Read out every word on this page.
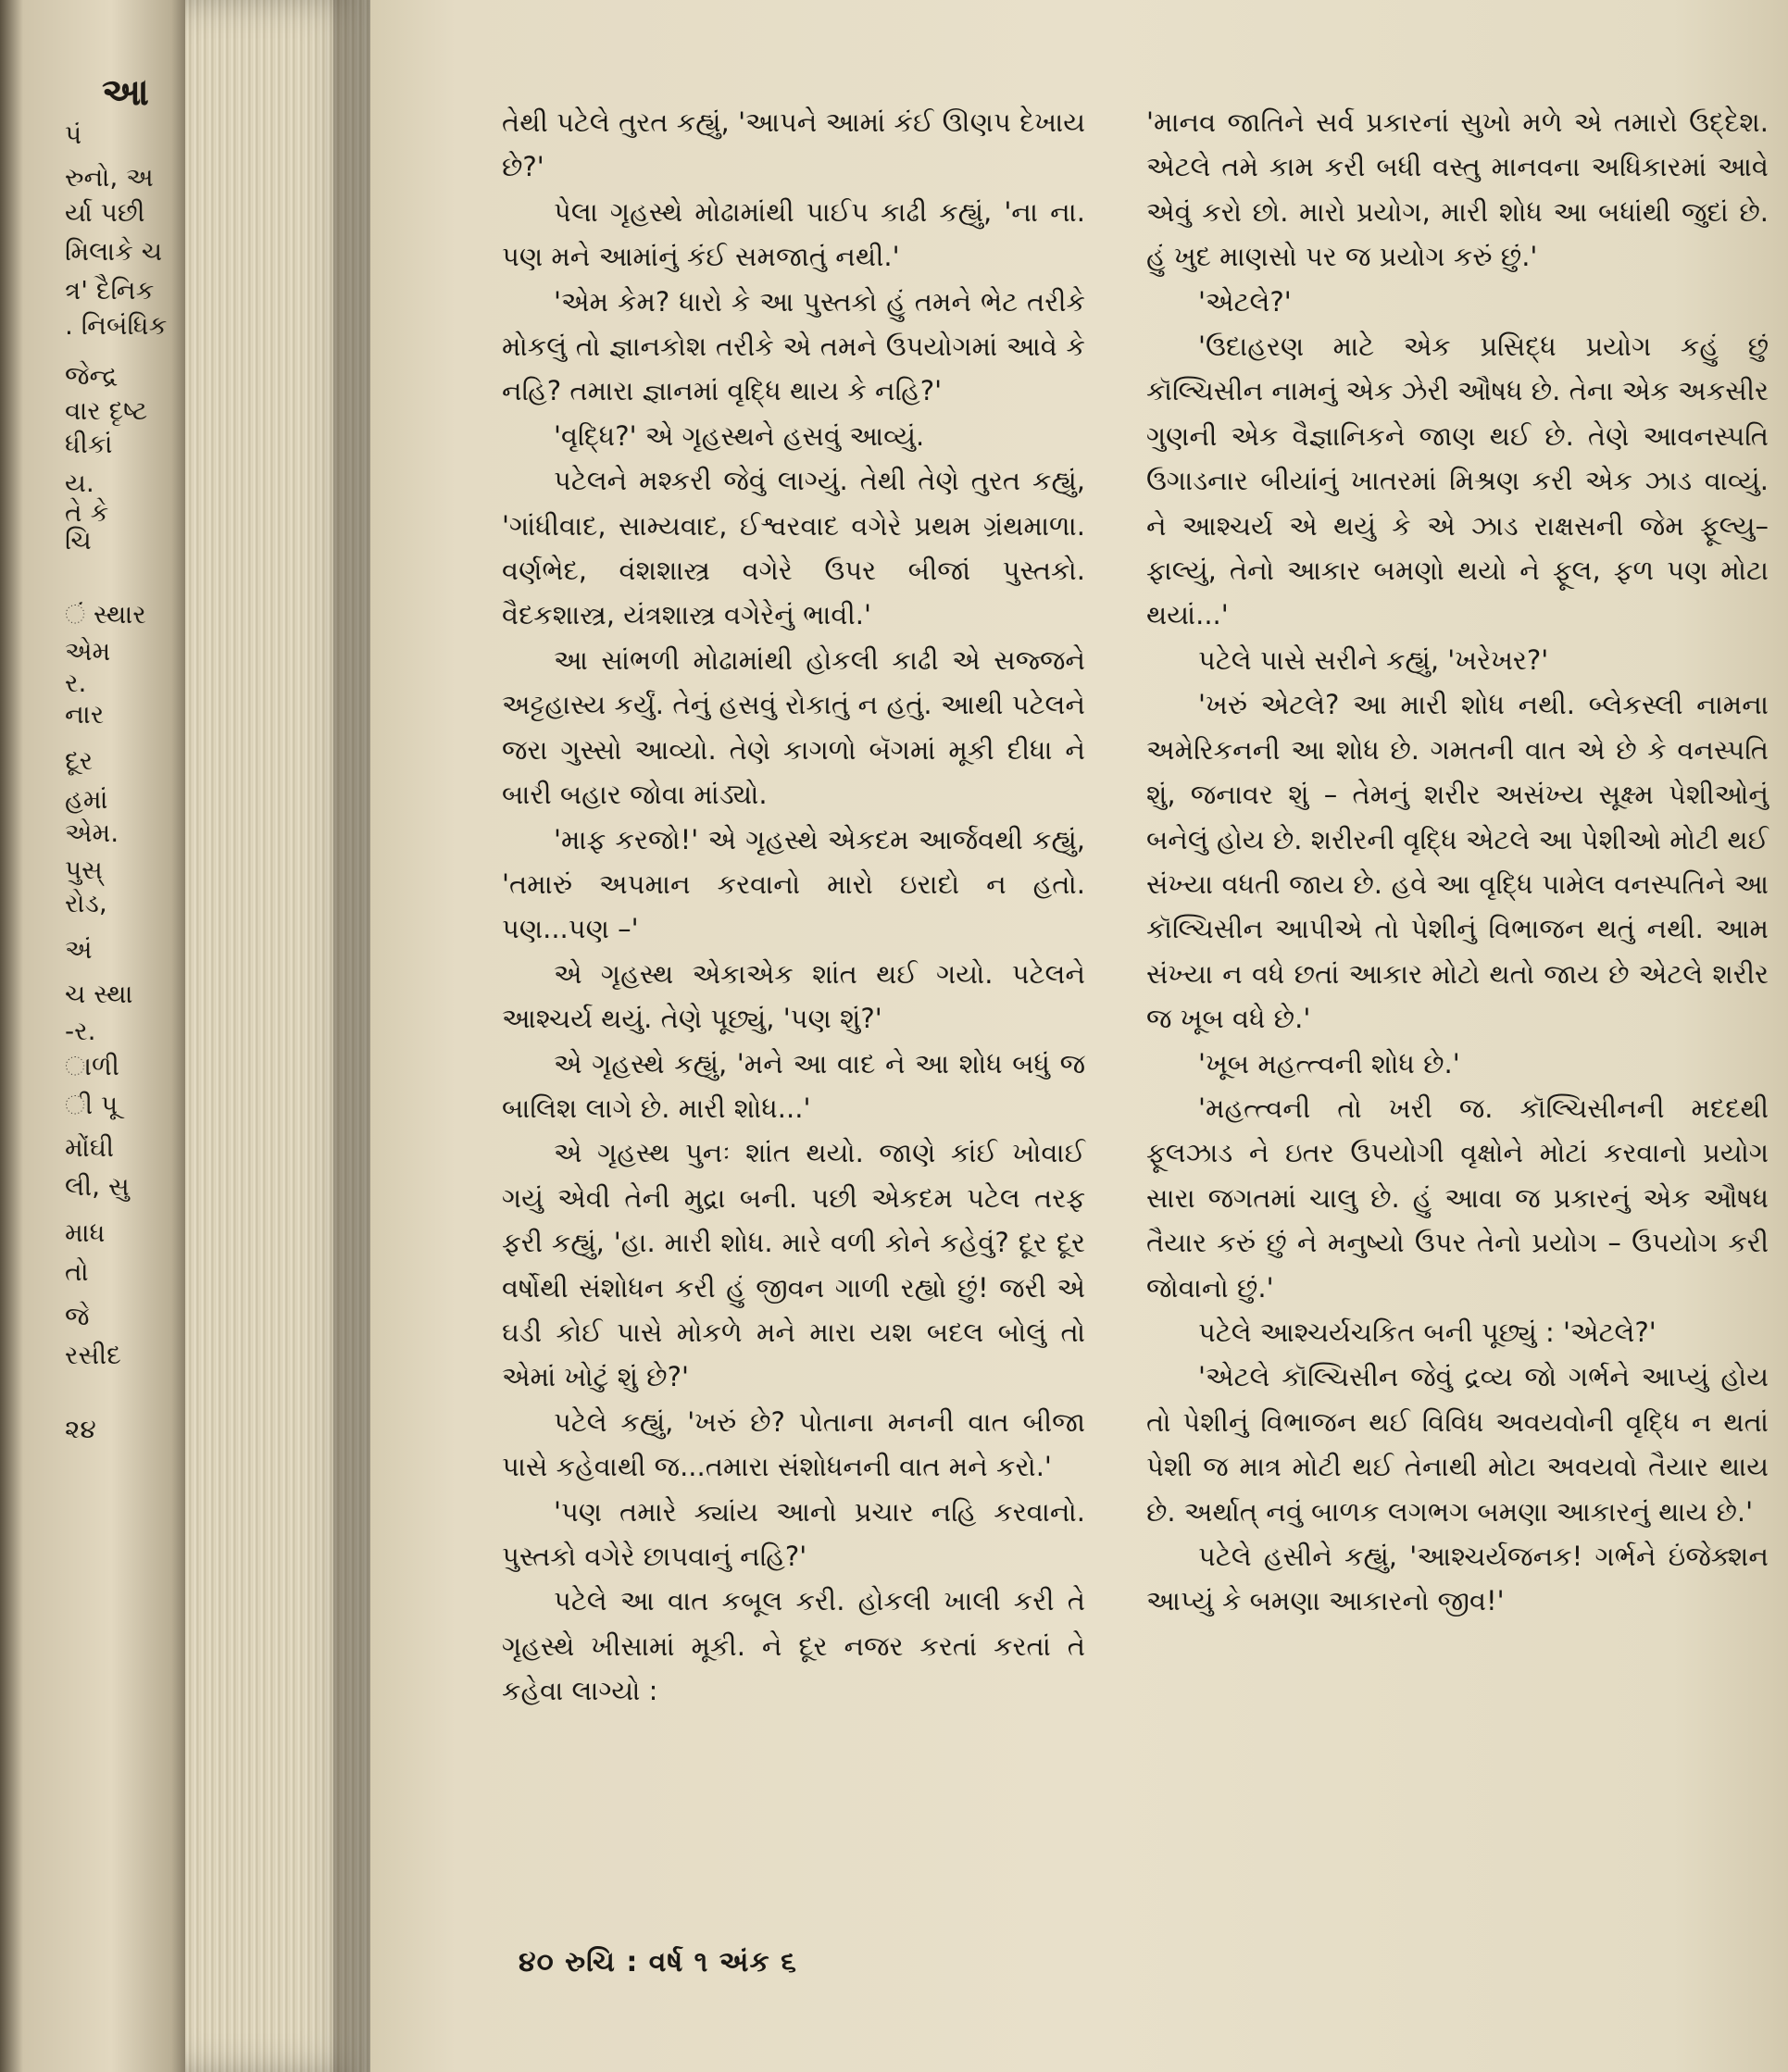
આ
પં
રુનો, અ
ર્યા પછી
મિલાકે ચ
ત્ર' દૈનિક
. નિબંધિક
જેન્દ્ર
વાર દૃષ્ટ
ધીકાં
ય.
તે કે
ચિ
ં સ્થાર
એમ
ર.
નાર
દૂર
હમાં
એમ.
પુસ્
રોડ,
અં
ચ સ્થા
-ર.
ાળી
ી પૂ
મોંઘી
લી, સુ
માધ
તો
જે
રસીદ
૨૪

તેથી પટેલે તુરત કહ્યું, 'આપને આમાં કંઈ ઊણપ દેખાય છે?'

પેલા ગૃહસ્થે મોઢામાંથી પાઈપ કાઢી કહ્યું, 'ના ના. પણ મને આમાંનું કંઈ સમજાતું નથી.'

'એમ કેમ? ધારો કે આ પુસ્તકો હું તમને ભેટ તરીકે મોકલું તો જ્ઞાનકોશ તરીકે એ તમને ઉપયોગમાં આવે કે નહિ? તમારા જ્ઞાનમાં વૃદ્ધિ થાય કે નહિ?'

'વૃદ્ધિ?' એ ગૃહસ્થને હસવું આવ્યું.

પટેલને મશ્કરી જેવું લાગ્યું. તેથી તેણે તુરત કહ્યું, 'ગાંધીવાદ, સામ્યવાદ, ઈશ્વરવાદ વગેરે પ્રથમ ગ્રંથમાળા. વર્ણભેદ, વંશશાસ્ત્ર વગેરે ઉપર બીજાં પુસ્તકો. વૈદકશાસ્ત્ર, યંત્રશાસ્ત્ર વગેરેનું ભાવી.'

આ સાંભળી મોઢામાંથી હોકલી કાઢી એ સજ્જને અટ્ટહાસ્ય કર્યું. તેનું હસવું રોકાતું ન હતું. આથી પટેલને જરા ગુસ્સો આવ્યો. તેણે કાગળો બૅગમાં મૂકી દીધા ને બારી બહાર જોવા માંડ્યો.

'માફ કરજો!' એ ગૃહસ્થે એકદમ આર્જવથી કહ્યું, 'તમારું અપમાન કરવાનો મારો ઇરાદો ન હતો. પણ...પણ –'

એ ગૃહસ્થ એકાએક શાંત થઈ ગયો. પટેલને આશ્ચર્ય થયું. તેણે પૂછ્યું, 'પણ શું?'

એ ગૃહસ્થે કહ્યું, 'મને આ વાદ ને આ શોધ બધું જ બાલિશ લાગે છે. મારી શોધ...'

એ ગૃહસ્થ પુનઃ શાંત થયો. જાણે કાંઈ ખોવાઈ ગયું એવી તેની મુદ્રા બની. પછી એકદમ પટેલ તરફ ફરી કહ્યું, 'હા. મારી શોધ. મારે વળી કોને કહેવું? દૂર દૂર વર્ષોથી સંશોધન કરી હું જીવન ગાળી રહ્યો છું! જરી એ ઘડી કોઈ પાસે મોકળે મને મારા યશ બદલ બોલું તો એમાં ખોટું શું છે?'

પટેલે કહ્યું, 'ખરું છે? પોતાના મનની વાત બીજા પાસે કહેવાથી જ...તમારા સંશોધનની વાત મને કરો.'

'પણ તમારે ક્યાંય આનો પ્રચાર નહિ કરવાનો. પુસ્તકો વગેરે છાપવાનું નહિ?'

પટેલે આ વાત કબૂલ કરી. હોકલી ખાલી કરી તે ગૃહસ્થે ખીસામાં મૂકી. ને દૂર નજર કરતાં કરતાં તે કહેવા લાગ્યો :

'માનવ જાતિને સર્વ પ્રકારનાં સુખો મળે એ તમારો ઉદ્દેશ. એટલે તમે કામ કરી બધી વસ્તુ માનવના અધિકારમાં આવે એવું કરો છો. મારો પ્રયોગ, મારી શોધ આ બધાંથી જુદાં છે. હું ખુદ માણસો પર જ પ્રયોગ કરું છું.'

'એટલે?'

'ઉદાહરણ માટે એક પ્રસિદ્ધ પ્રયોગ કહું છું કૉલ્ચિસીન નામનું એક ઝેરી ઔષધ છે. તેના એક અકસીર ગુણની એક વૈજ્ઞાનિકને જાણ થઈ છે. તેણે આવનસ્પતિ ઉગાડનાર બીયાંનું ખાતરમાં મિશ્રણ કરી એક ઝાડ વાવ્યું. ને આશ્ચર્ય એ થયું કે એ ઝાડ રાક્ષસની જેમ ફૂલ્યુ–ફાલ્યું, તેનો આકાર બમણો થયો ને ફૂલ, ફળ પણ મોટા થયાં...'

પટેલે પાસે સરીને કહ્યું, 'ખરેખર?'

'ખરું એટલે? આ મારી શોધ નથી. બ્લેકસ્લી નામના અમેરિકનની આ શોધ છે. ગમતની વાત એ છે કે વનસ્પતિ શું, જનાવર શું – તેમનું શરીર અસંખ્ય સૂક્ષ્મ પેશીઓનું બનેલું હોય છે. શરીરની વૃદ્ધિ એટલે આ પેશીઓ મોટી થઈ સંખ્યા વધતી જાય છે. હવે આ વૃદ્ધિ પામેલ વનસ્પતિને આ કૉલ્ચિસીન આપીએ તો પેશીનું વિભાજન થતું નથી. આમ સંખ્યા ન વધે છતાં આકાર મોટો થતો જાય છે એટલે શરીર જ ખૂબ વધે છે.'

'ખૂબ મહત્ત્વની શોધ છે.'

'મહત્ત્વની તો ખરી જ. કૉલ્ચિસીનની મદદથી ફૂલઝાડ ને ઇતર ઉપયોગી વૃક્ષોને મોટાં કરવાનો પ્રયોગ સારા જગતમાં ચાલુ છે. હું આવા જ પ્રકારનું એક ઔષધ તૈયાર કરું છું ને મનુષ્યો ઉપર તેનો પ્રયોગ – ઉપયોગ કરી જોવાનો છું.'

પટેલે આશ્ચર્યચકિત બની પૂછ્યું : 'એટલે?'

'એટલે કૉલ્ચિસીન જેવું દ્રવ્ય જો ગર્ભને આપ્યું હોય તો પેશીનું વિભાજન થઈ વિવિધ અવયવોની વૃદ્ધિ ન થતાં પેશી જ માત્ર મોટી થઈ તેનાથી મોટા અવયવો તૈયાર થાય છે. અર્થાત્ નવું બાળક લગભગ બમણા આકારનું થાય છે.'

પટેલે હસીને કહ્યું, 'આશ્ચર્યજનક! ગર્ભને ઇંજેક્શન આપ્યું કે બમણા આકારનો જીવ!'

૪૦ રુચિ : વર્ષ ૧ અંક ૬
